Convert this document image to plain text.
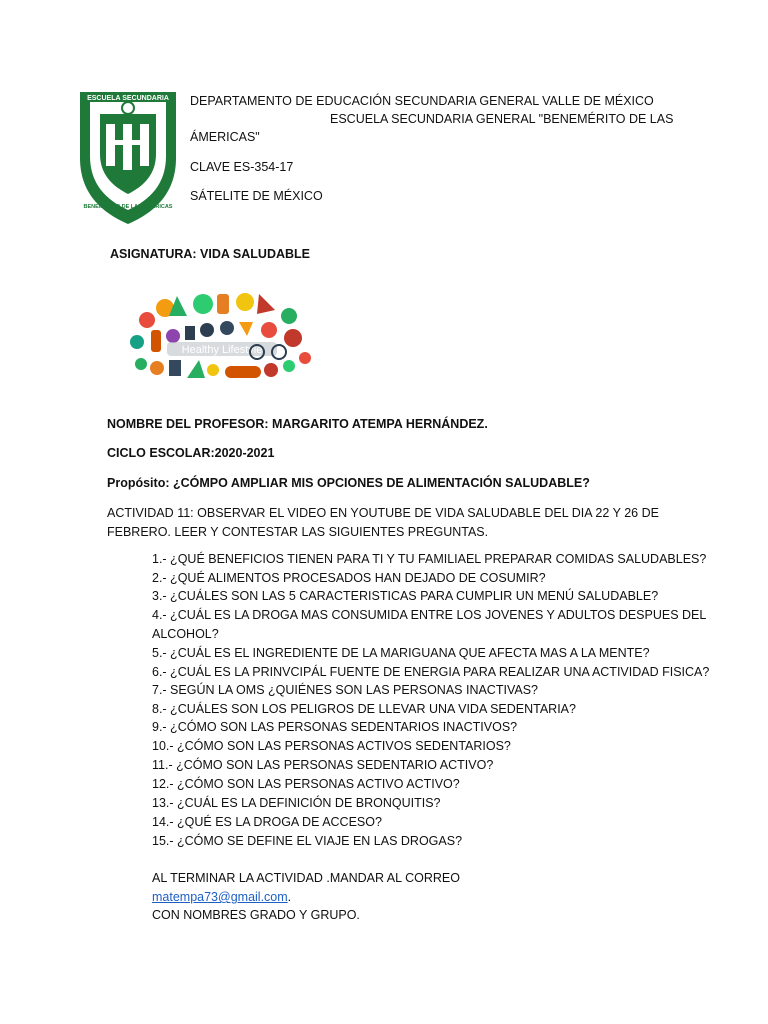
ESCUELA SECUNDARIA
BENEMÉRITO DE LAS AMERICAS
DEPARTAMENTO DE EDUCACIÓN SECUNDARIA GENERAL VALLE DE MÉXICO
ESCUELA SECUNDARIA GENERAL "BENEMÉRITO DE LAS
ÁMERICAS"
CLAVE ES-354-17
SÁTELITE DE MÉXICO
ASIGNATURA: VIDA SALUDABLE
Healthy Lifestyle
NOMBRE DEL PROFESOR: MARGARITO ATEMPA HERNÁNDEZ.
CICLO ESCOLAR:2020-2021
Propósito: ¿CÓMPO AMPLIAR MIS OPCIONES DE ALIMENTACIÓN SALUDABLE?
ACTIVIDAD 11: OBSERVAR EL VIDEO EN YOUTUBE DE VIDA SALUDABLE DEL DIA 22 Y 26 DE
FEBRERO. LEER Y CONTESTAR LAS SIGUIENTES PREGUNTAS.
1.- ¿QUÉ BENEFICIOS TIENEN PARA TI Y TU FAMILIAEL PREPARAR COMIDAS SALUDABLES?
2.- ¿QUÉ ALIMENTOS PROCESADOS HAN DEJADO DE COSUMIR?
3.- ¿CUÁLES SON LAS 5 CARACTERISTICAS PARA CUMPLIR UN MENÚ SALUDABLE?
4.- ¿CUÁL ES LA DROGA MAS CONSUMIDA ENTRE LOS JOVENES Y ADULTOS DESPUES DEL
ALCOHOL?
5.- ¿CUÁL ES EL INGREDIENTE DE LA MARIGUANA QUE AFECTA MAS A LA MENTE?
6.- ¿CUÁL ES LA PRINVCIPÁL FUENTE DE ENERGIA PARA REALIZAR UNA ACTIVIDAD FISICA?
7.- SEGÚN LA OMS ¿QUIÉNES SON LAS PERSONAS INACTIVAS?
8.- ¿CUÁLES SON LOS PELIGROS DE LLEVAR UNA VIDA SEDENTARIA?
9.- ¿CÓMO SON LAS PERSONAS SEDENTARIOS INACTIVOS?
10.- ¿CÓMO SON LAS PERSONAS ACTIVOS SEDENTARIOS?
11.- ¿CÓMO SON LAS PERSONAS SEDENTARIO ACTIVO?
12.- ¿CÓMO SON LAS PERSONAS ACTIVO ACTIVO?
13.- ¿CUÁL ES LA DEFINICIÓN DE BRONQUITIS?
14.- ¿QUÉ ES LA DROGA DE ACCESO?
15.- ¿CÓMO SE DEFINE EL VIAJE EN LAS DROGAS?
AL TERMINAR LA ACTIVIDAD .MANDAR AL CORREO
matempa73@gmail.com.
CON NOMBRES GRADO Y GRUPO.
